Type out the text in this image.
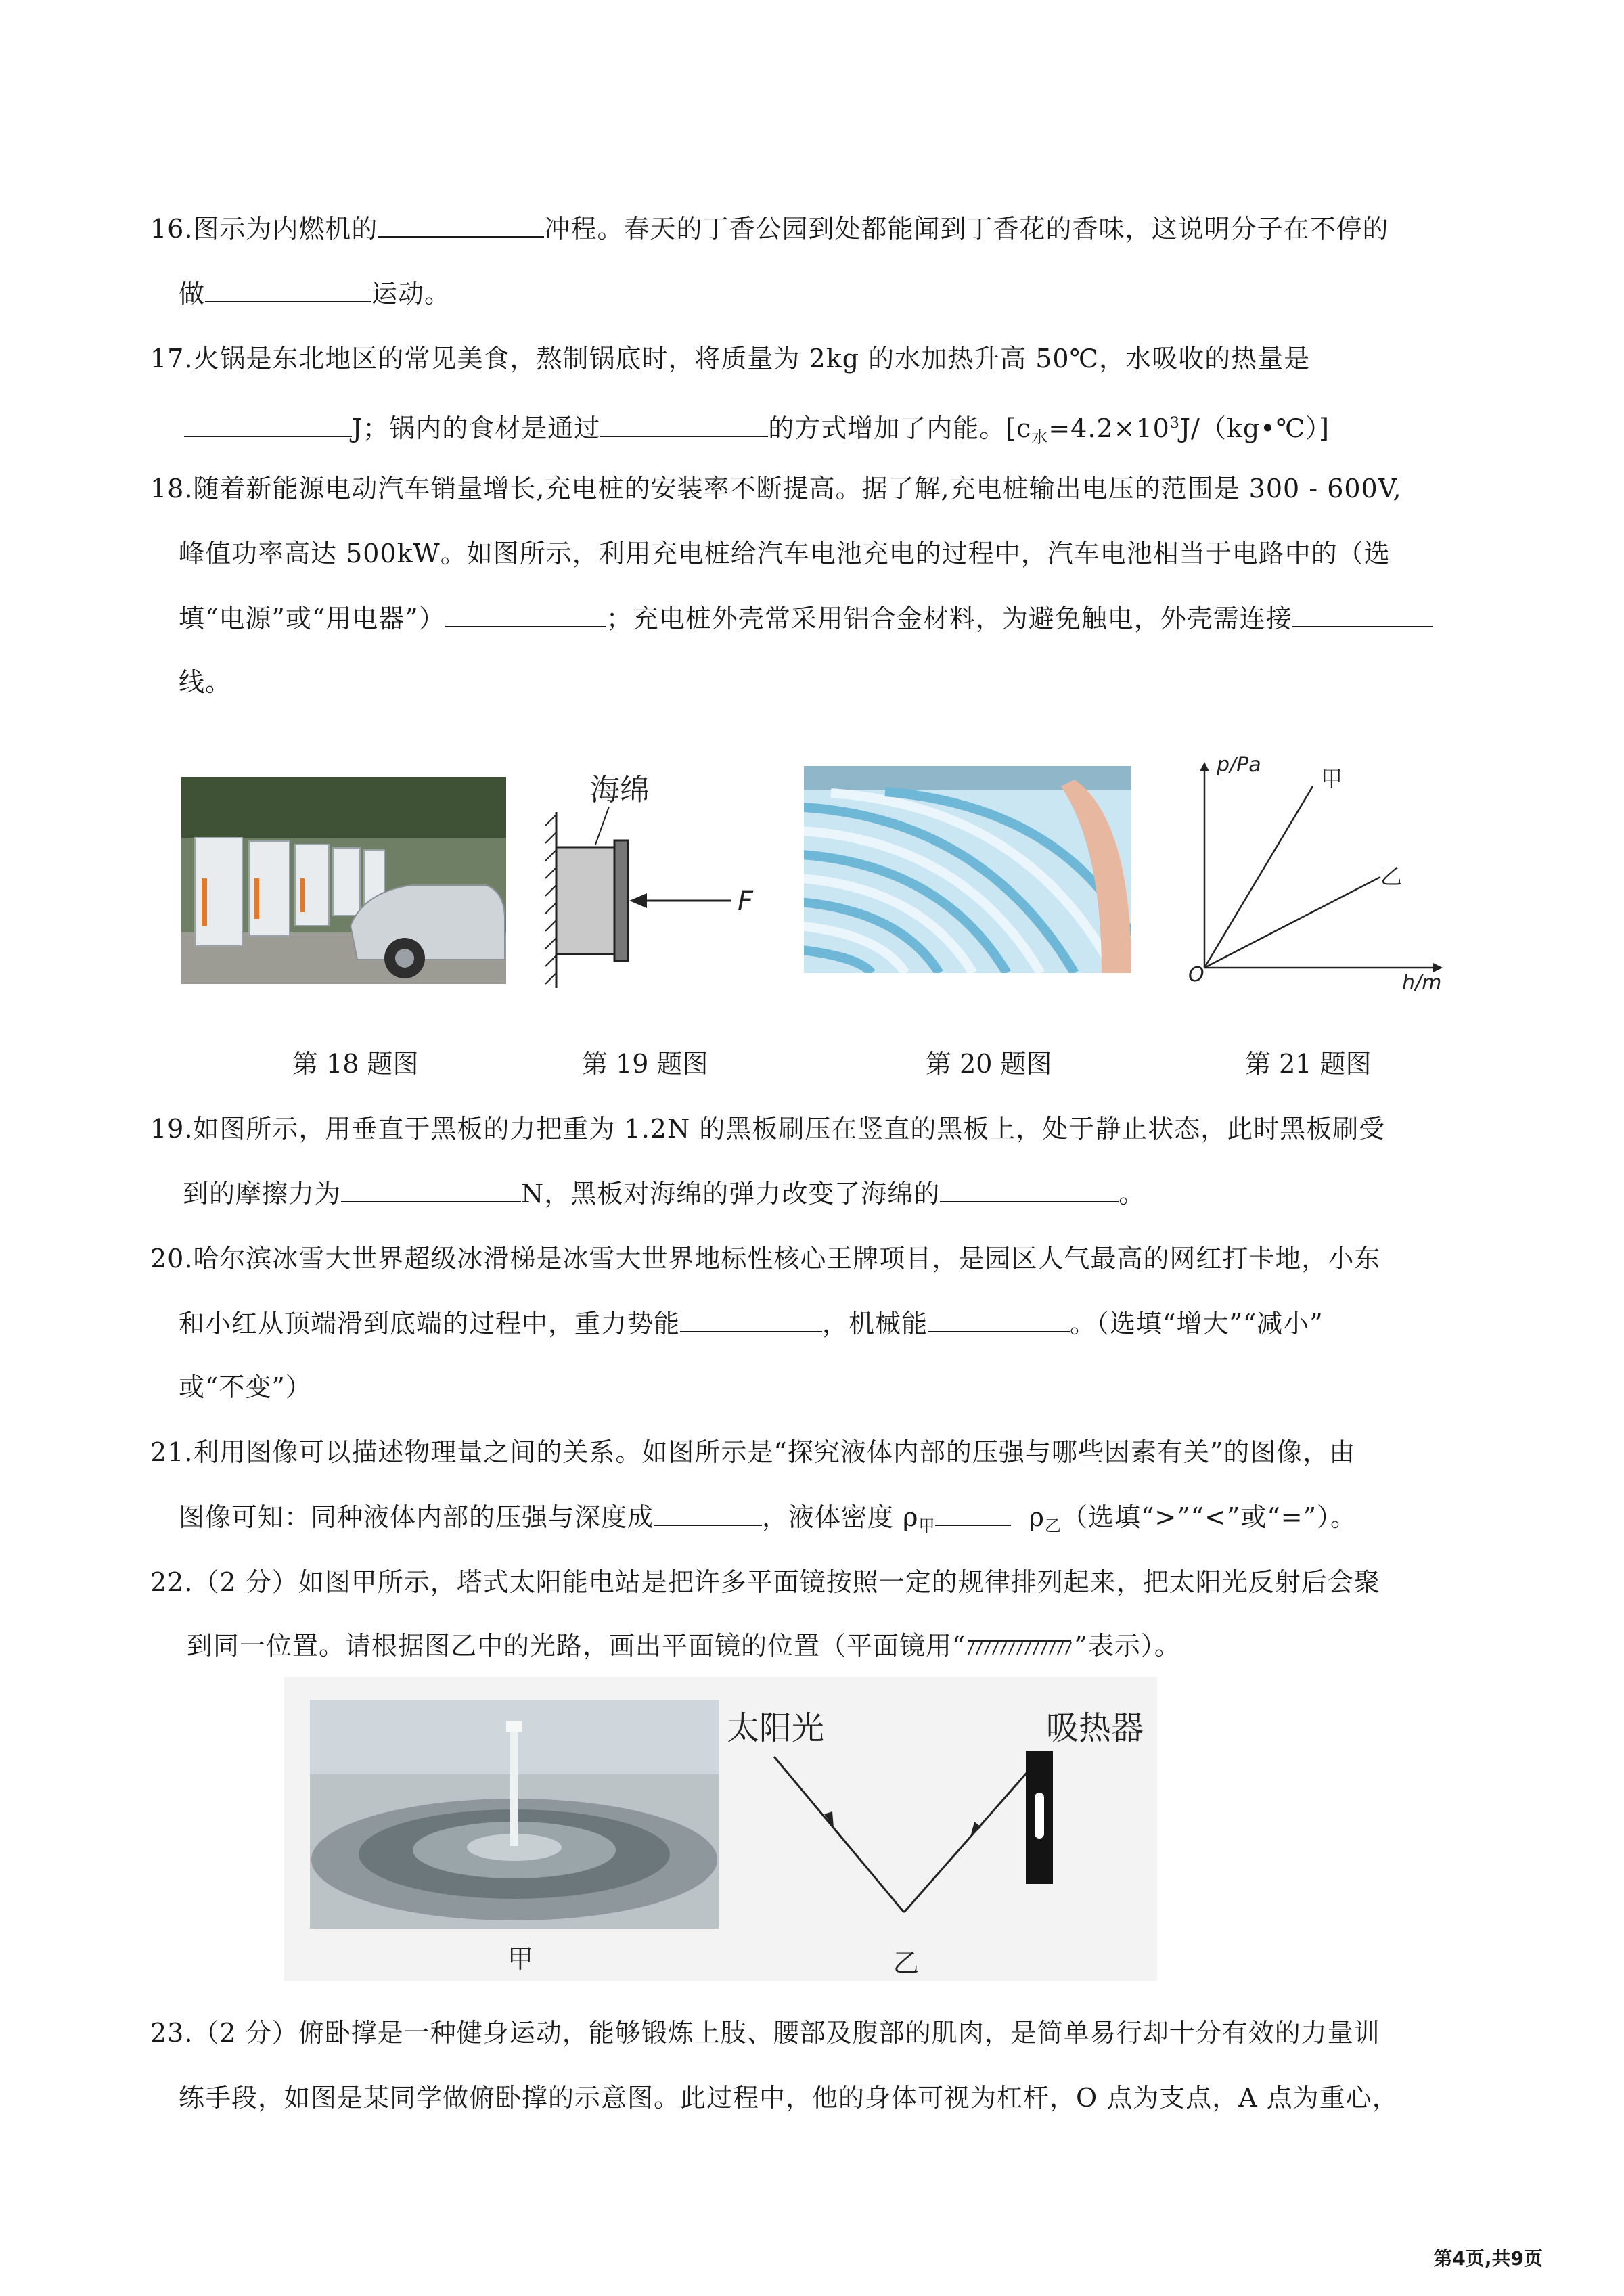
16.图示为内燃机的	冲程。春天的丁香公园到处都能闻到丁香花的香味，这说明分子在不停的
做	运动。
17.火锅是东北地区的常见美食，熬制锅底时，将质量为 2kg 的水加热升高 50℃，水吸收的热量是
J；锅内的食材是通过	的方式增加了内能。$[c_水=4.2\times 10^3J/(kg•℃)]$
18.随着新能源电动汽车销量增长,充电桩的安装率不断提高。据了解,充电桩输出电压的范围是 300 - 600V,
峰值功率高达 500kW。如图所示，利用充电桩给汽车电池充电的过程中，汽车电池相当于电路中的（选
填“电源”或“用电器”）	；充电桩外壳常采用铝合金材料，为避免触电，外壳需连接
线。
海绵
F
p/Pa
h/m
O
甲
乙
第 18 题图	第 19 题图	第 20 题图	第 21 题图
19.如图所示，用垂直于黑板的力把重为 1.2N 的黑板刷压在竖直的黑板上，处于静止状态，此时黑板刷受
到的摩擦力为	N，黑板对海绵的弹力改变了海绵的	。
20.哈尔滨冰雪大世界超级冰滑梯是冰雪大世界地标性核心王牌项目，是园区人气最高的网红打卡地，小东
和小红从顶端滑到底端的过程中，重力势能	，机械能	。（选填“增大”“减小”
或“不变”）
21.利用图像可以描述物理量之间的关系。如图所示是“探究液体内部的压强与哪些因素有关”的图像，由
图像可知：同种液体内部的压强与深度成	，液体密度 $\rho_甲$	$\rho_乙$（选填“>”“<”或“=”）。
22.（2 分）如图甲所示，塔式太阳能电站是把许多平面镜按照一定的规律排列起来，把太阳光反射后会聚
到同一位置。请根据图乙中的光路，画出平面镜的位置（平面镜用“	”表示）。
甲
太阳光	吸热器
乙
23.（2 分）俯卧撑是一种健身运动，能够锻炼上肢、腰部及腹部的肌肉，是简单易行却十分有效的力量训
练手段，如图是某同学做俯卧撑的示意图。此过程中，他的身体可视为杠杆，O 点为支点，A 点为重心，
第4页,共9页
